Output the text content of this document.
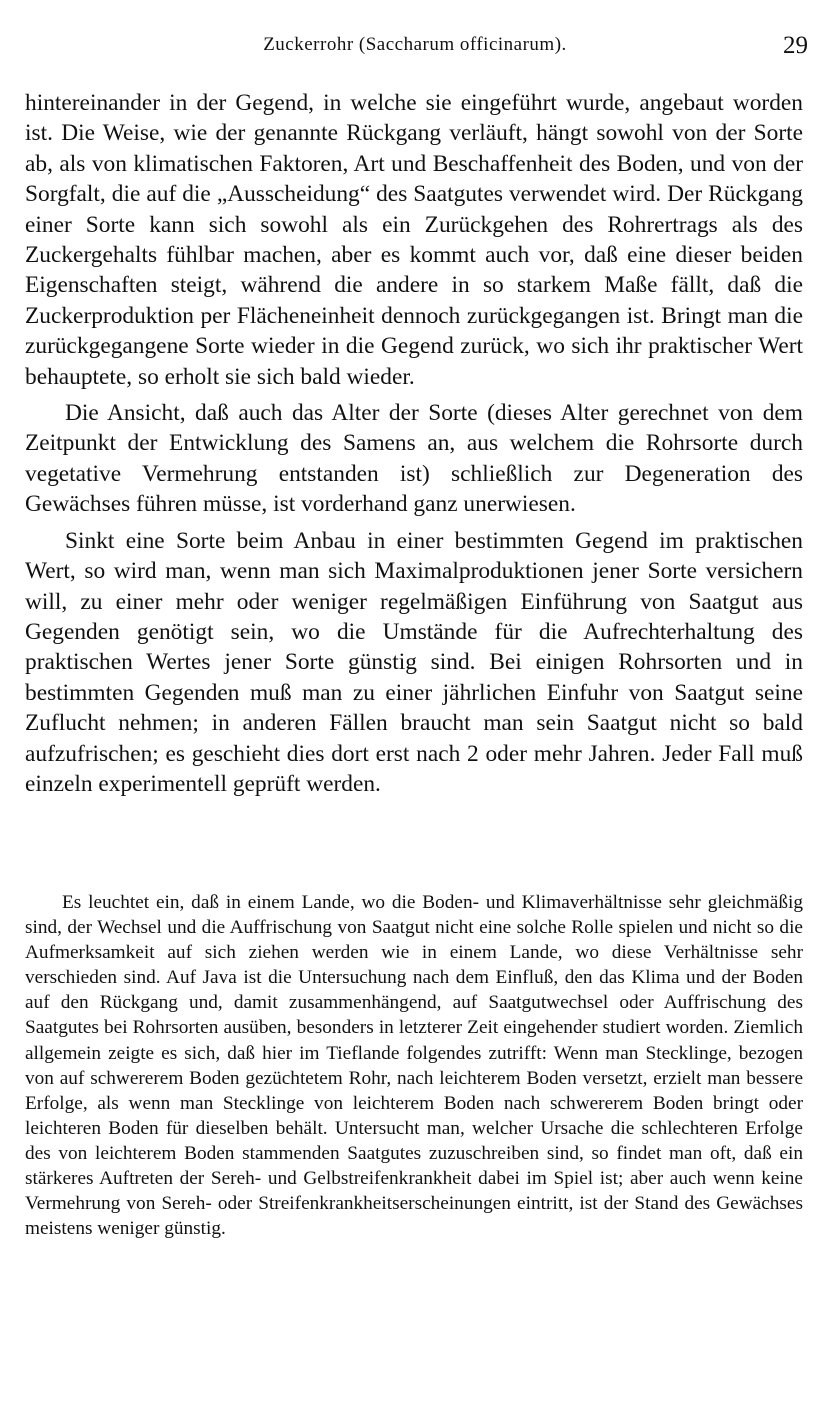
Zuckerrohr (Saccharum officinarum).	29

hintereinander in der Gegend, in welche sie eingeführt wurde, angebaut worden ist. Die Weise, wie der genannte Rückgang verläuft, hängt sowohl von der Sorte ab, als von klimatischen Faktoren, Art und Beschaffenheit des Boden, und von der Sorgfalt, die auf die „Ausscheidung“ des Saatgutes verwendet wird. Der Rückgang einer Sorte kann sich sowohl als ein Zurückgehen des Rohrertrags als des Zuckergehalts fühlbar machen, aber es kommt auch vor, daß eine dieser beiden Eigenschaften steigt, während die andere in so starkem Maße fällt, daß die Zuckerproduktion per Flächeneinheit dennoch zurückgegangen ist. Bringt man die zurückgegangene Sorte wieder in die Gegend zurück, wo sich ihr praktischer Wert behauptete, so erholt sie sich bald wieder.

Die Ansicht, daß auch das Alter der Sorte (dieses Alter gerechnet von dem Zeitpunkt der Entwicklung des Samens an, aus welchem die Rohrsorte durch vegetative Vermehrung entstanden ist) schließlich zur Degeneration des Gewächses führen müsse, ist vorderhand ganz unerwiesen.

Sinkt eine Sorte beim Anbau in einer bestimmten Gegend im praktischen Wert, so wird man, wenn man sich Maximalproduktionen jener Sorte versichern will, zu einer mehr oder weniger regelmäßigen Einführung von Saatgut aus Gegenden genötigt sein, wo die Umstände für die Aufrechterhaltung des praktischen Wertes jener Sorte günstig sind. Bei einigen Rohrsorten und in bestimmten Gegenden muß man zu einer jährlichen Einfuhr von Saatgut seine Zuflucht nehmen; in anderen Fällen braucht man sein Saatgut nicht so bald aufzufrischen; es geschieht dies dort erst nach 2 oder mehr Jahren. Jeder Fall muß einzeln experimentell geprüft werden.

Es leuchtet ein, daß in einem Lande, wo die Boden- und Klimaverhältnisse sehr gleichmäßig sind, der Wechsel und die Auffrischung von Saatgut nicht eine solche Rolle spielen und nicht so die Aufmerksamkeit auf sich ziehen werden wie in einem Lande, wo diese Verhältnisse sehr verschieden sind. Auf Java ist die Untersuchung nach dem Einfluß, den das Klima und der Boden auf den Rückgang und, damit zusammenhängend, auf Saatgutwechsel oder Auffrischung des Saatgutes bei Rohrsorten ausüben, besonders in letzterer Zeit eingehender studiert worden. Ziemlich allgemein zeigte es sich, daß hier im Tieflande folgendes zutrifft: Wenn man Stecklinge, bezogen von auf schwererem Boden gezüchtetem Rohr, nach leichterem Boden versetzt, erzielt man bessere Erfolge, als wenn man Stecklinge von leichterem Boden nach schwererem Boden bringt oder leichteren Boden für dieselben behält. Untersucht man, welcher Ursache die schlechteren Erfolge des von leichterem Boden stammenden Saatgutes zuzuschreiben sind, so findet man oft, daß ein stärkeres Auftreten der Sereh- und Gelbstreifenkrankheit dabei im Spiel ist; aber auch wenn keine Vermehrung von Sereh- oder Streifenkrankheitserscheinungen eintritt, ist der Stand des Gewächses meistens weniger günstig.
